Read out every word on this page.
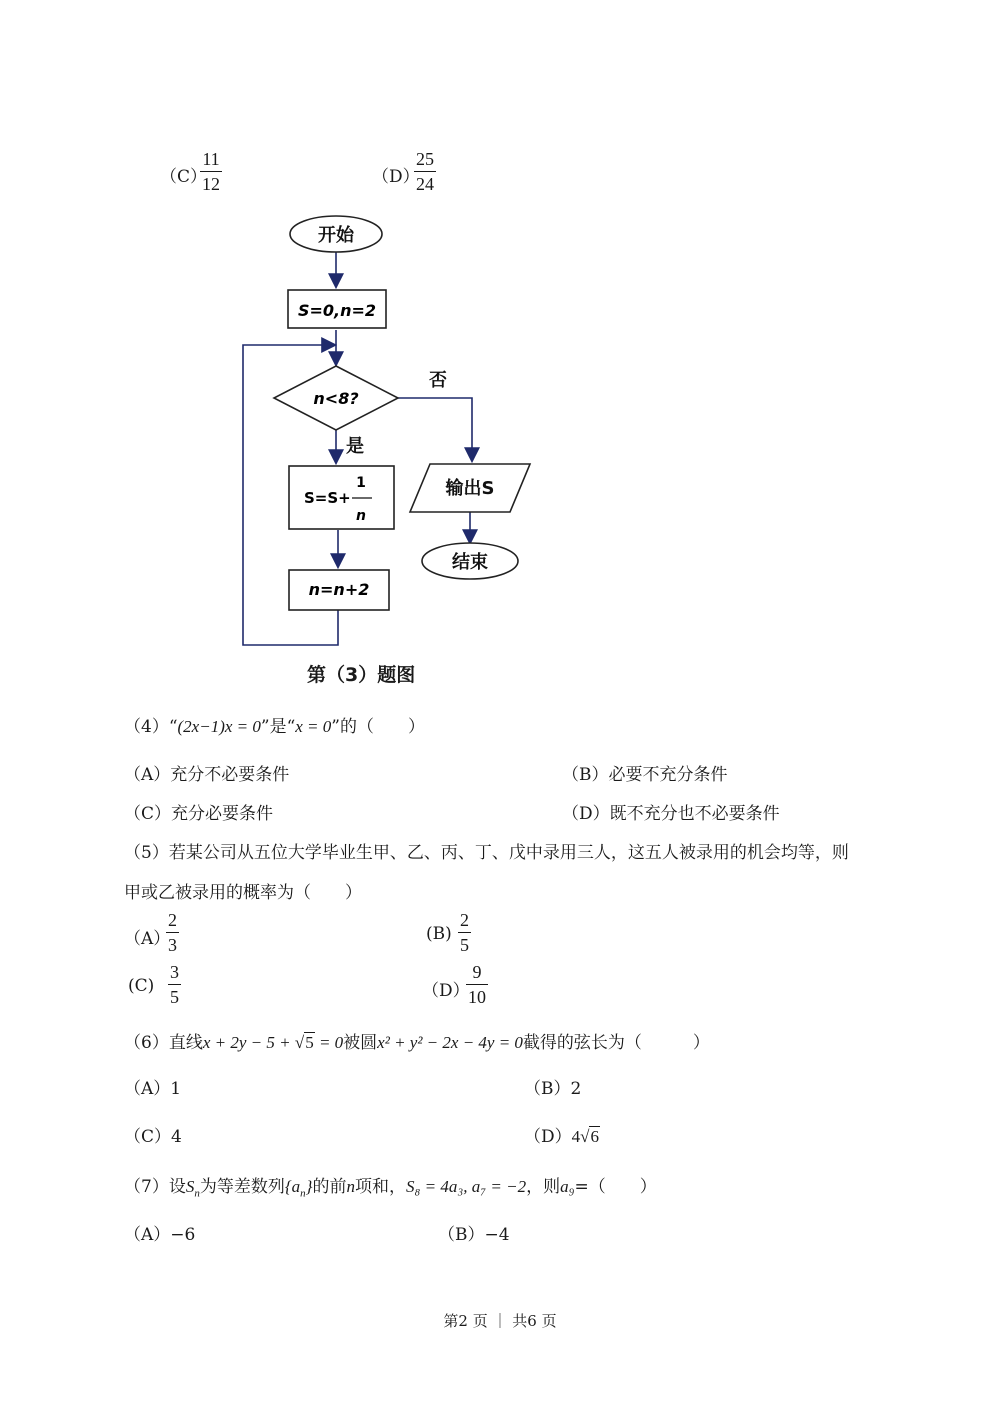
（C）
11
12	（D）
25
24
开始
S=0,n=2
n<8?
否
是
S=S+
1
n
n=n+2
输出S
结束
第（3）题图
（4）“(2x−1)x = 0”是“x = 0”的（　　）
（A）充分不必要条件	（B）必要不充分条件
（C）充分必要条件	（D）既不充分也不必要条件
（5）若某公司从五位大学毕业生甲、乙、丙、丁、戊中录用三人，这五人被录用的机会均等，则
甲或乙被录用的概率为（　　）
（A）
2
3
(B)
2
5
(C)
3
5	（D）
9
10
（6）直线x + 2y − 5 + √5 = 0被圆x² + y² − 2x − 4y = 0截得的弦长为（　　　）
（A）1	（B）2
（C）4	（D）4√6
（7）设$S_n$为等差数列$\{a_n\}$的前n项和，S₈ = 4a₃, a₇ = −2，则a₉=（　　）
（A）−6	（B）−4
第2 页 ｜ 共6 页
